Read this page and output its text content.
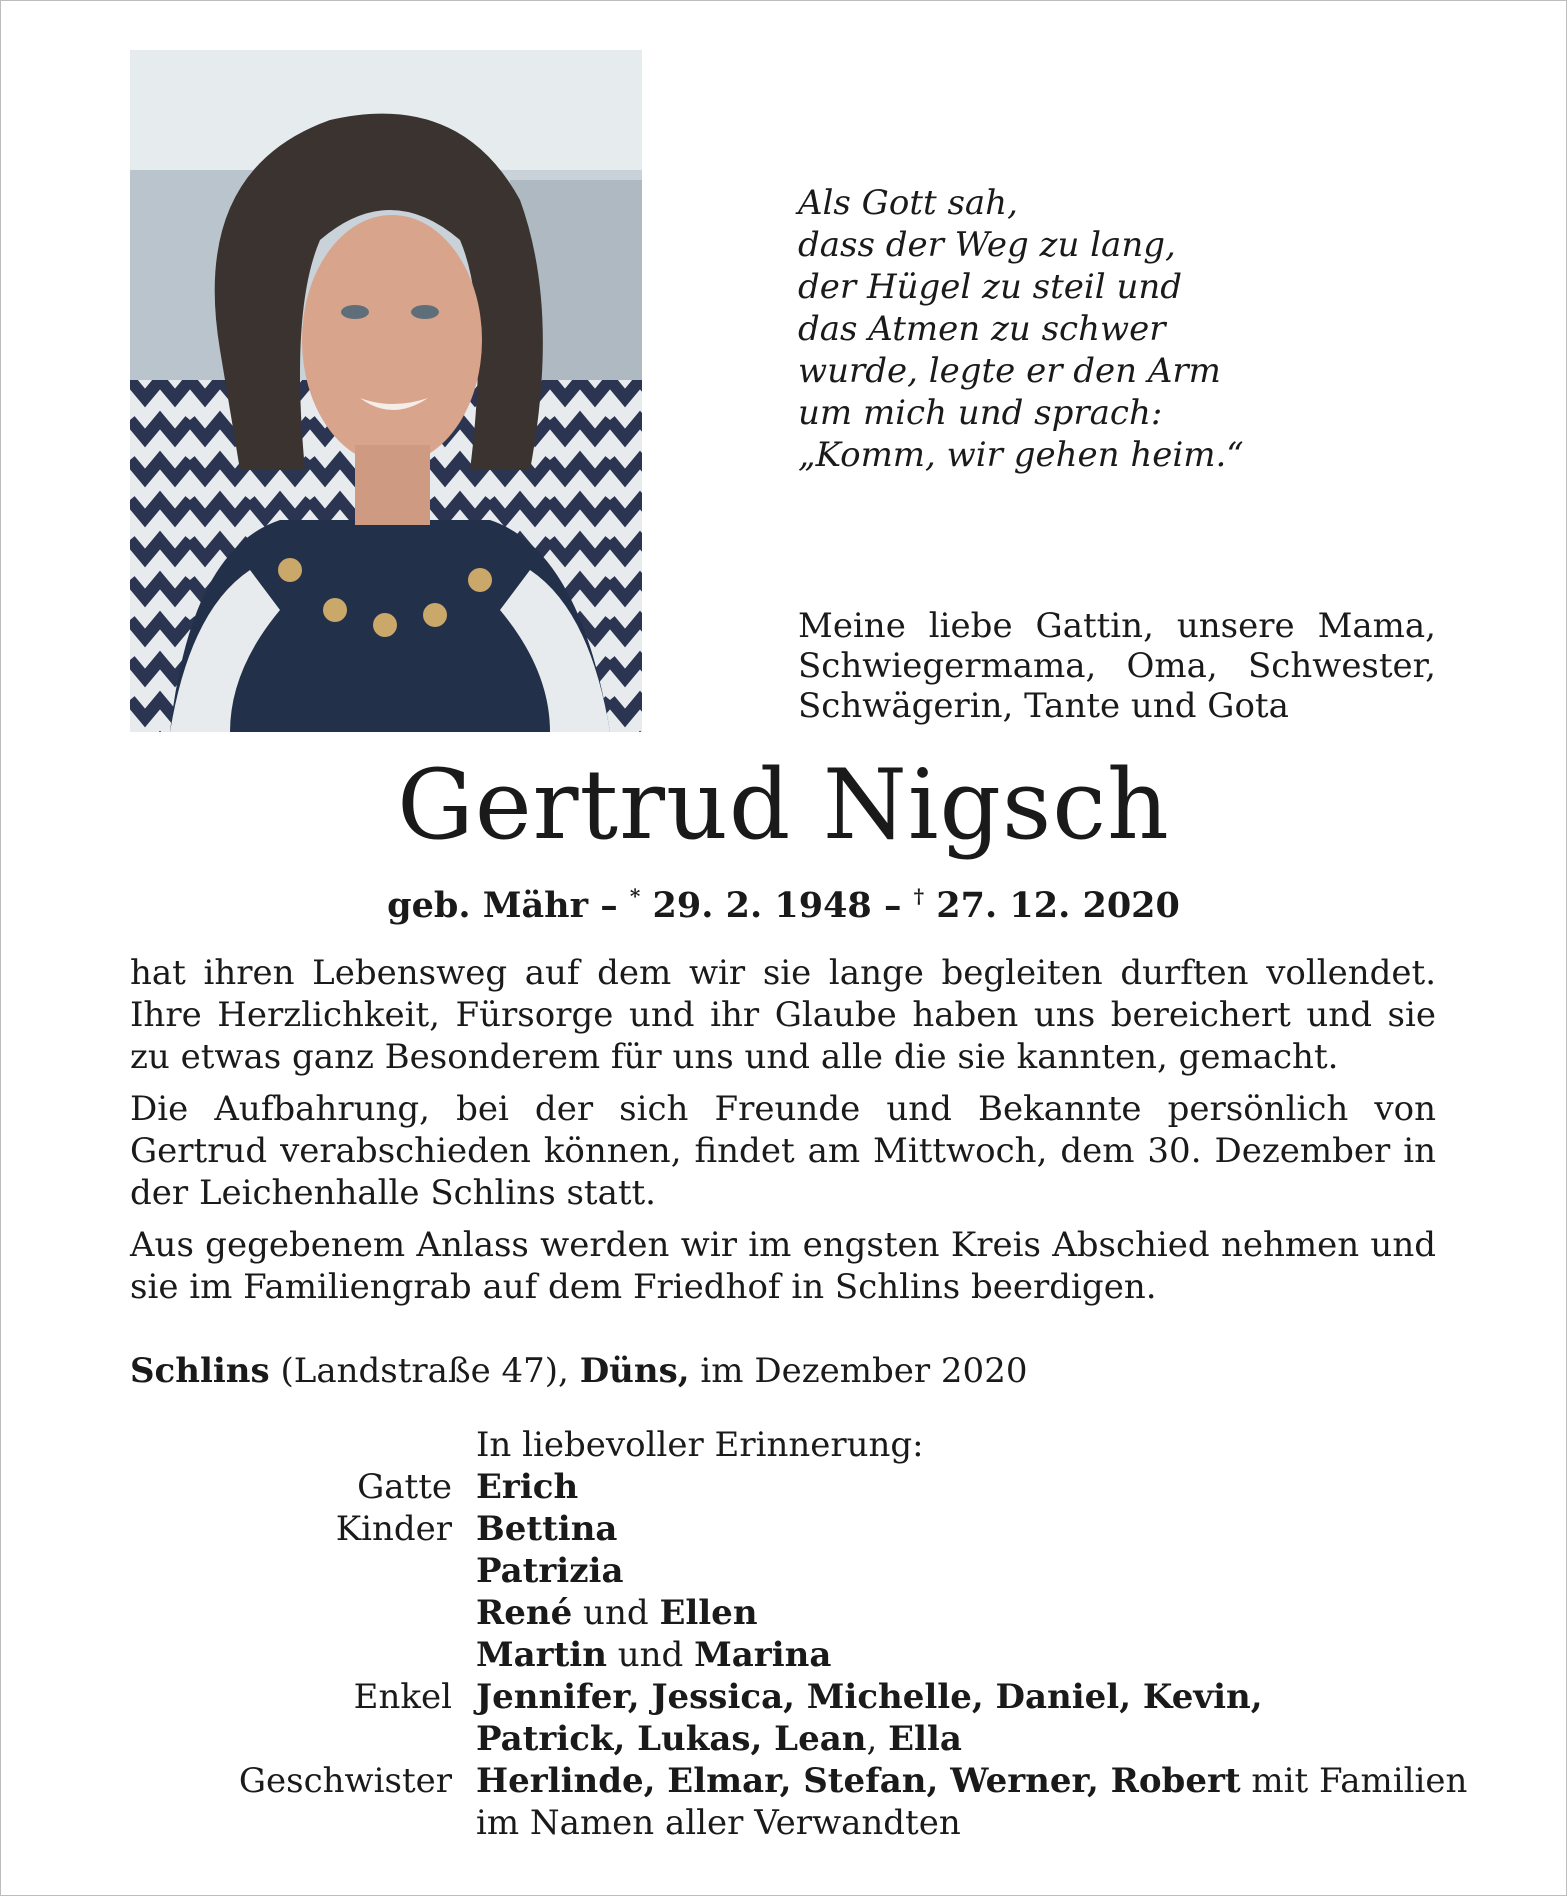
Als Gott sah,
dass der Weg zu lang,
der Hügel zu steil und
das Atmen zu schwer
wurde, legte er den Arm
um mich und sprach:
„Komm, wir gehen heim.“
Meine liebe Gattin, unsere Mama, Schwiegermama, Oma, Schwester, Schwägerin, Tante und Gota
Gertrud Nigsch
geb. Mähr – * 29. 2. 1948 – † 27. 12. 2020

hat ihren Lebensweg auf dem wir sie lange begleiten durften vollendet. Ihre Herzlichkeit, Fürsorge und ihr Glaube haben uns bereichert und sie zu etwas ganz Besonderem für uns und alle die sie kannten, gemacht.

Die Aufbahrung, bei der sich Freunde und Bekannte persönlich von Gertrud verabschieden können, findet am Mittwoch, dem 30. Dezember in der Leichenhalle Schlins statt.

Aus gegebenem Anlass werden wir im engsten Kreis Abschied nehmen und sie im Familiengrab auf dem Friedhof in Schlins beerdigen.

Schlins (Landstraße 47), Düns, im Dezember 2020
In liebevoller Erinnerung:
Gatte Erich
Kinder Bettina
Patrizia
René und Ellen
Martin und Marina
Enkel Jennifer, Jessica, Michelle, Daniel, Kevin,
Patrick, Lukas, Lean, Ella
Geschwister Herlinde, Elmar, Stefan, Werner, Robert mit Familien
im Namen aller Verwandten
